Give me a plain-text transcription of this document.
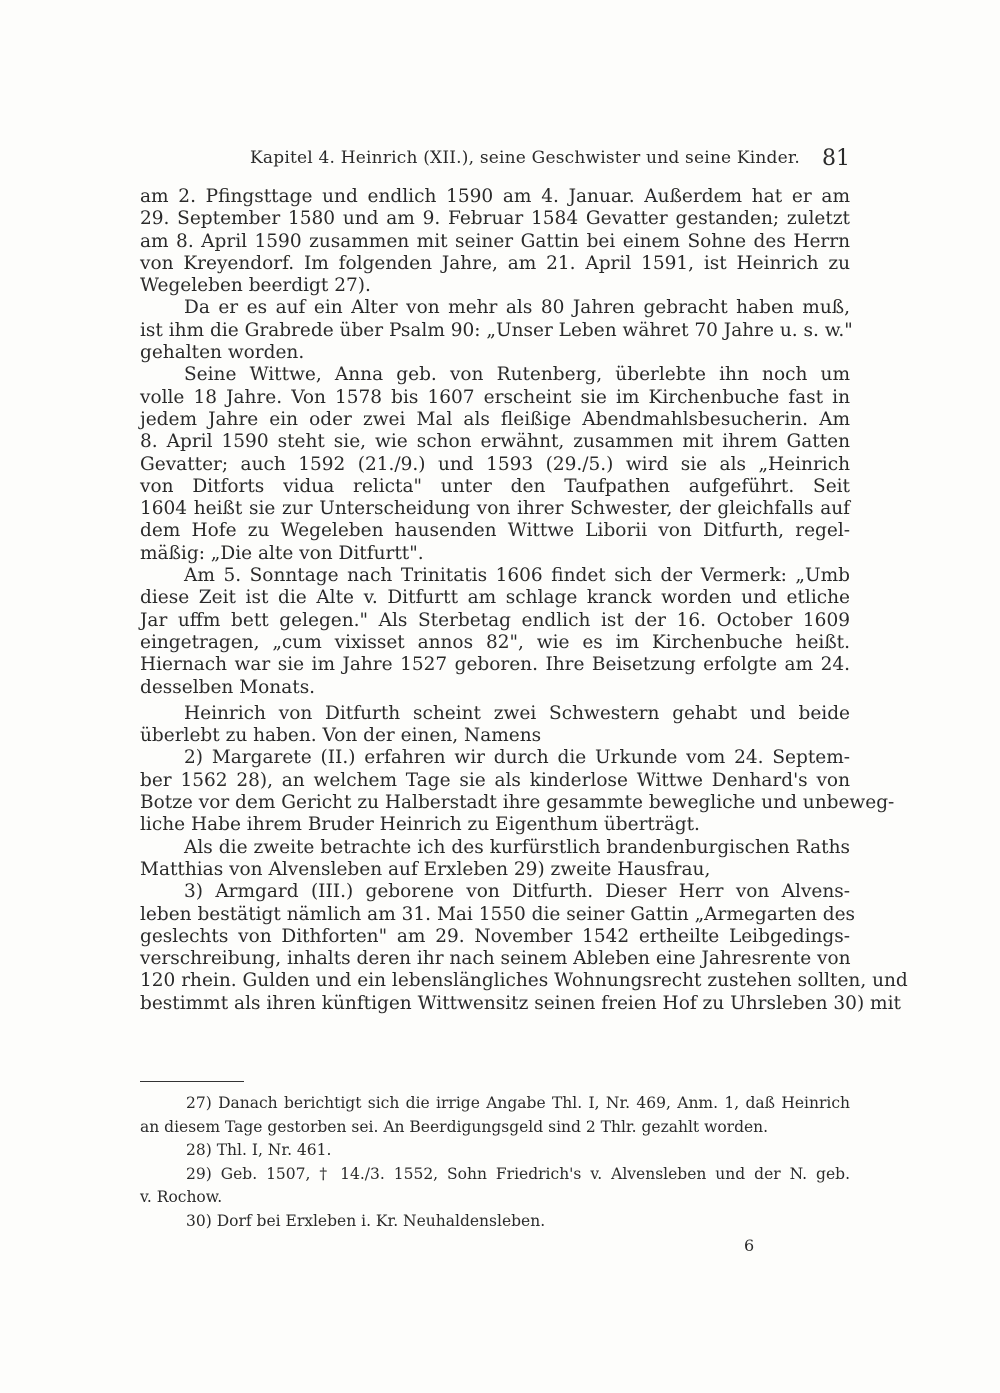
Kapitel 4. Heinrich (XII.), seine Geschwister und seine Kinder. 81
am 2. Pfingsttage und endlich 1590 am 4. Januar. Außerdem hat er am
29. September 1580 und am 9. Februar 1584 Gevatter gestanden; zuletzt
am 8. April 1590 zusammen mit seiner Gattin bei einem Sohne des Herrn
von Kreyendorf. Im folgenden Jahre, am 21. April 1591, ist Heinrich zu
Wegeleben beerdigt 27).
Da er es auf ein Alter von mehr als 80 Jahren gebracht haben muß,
ist ihm die Grabrede über Psalm 90: „Unser Leben währet 70 Jahre u. s. w."
gehalten worden.
Seine Wittwe, Anna geb. von Rutenberg, überlebte ihn noch um
volle 18 Jahre. Von 1578 bis 1607 erscheint sie im Kirchenbuche fast in
jedem Jahre ein oder zwei Mal als fleißige Abendmahlsbesucherin. Am
8. April 1590 steht sie, wie schon erwähnt, zusammen mit ihrem Gatten
Gevatter; auch 1592 (21./9.) und 1593 (29./5.) wird sie als „Heinrich
von Ditforts vidua relicta" unter den Taufpathen aufgeführt. Seit
1604 heißt sie zur Unterscheidung von ihrer Schwester, der gleichfalls auf
dem Hofe zu Wegeleben hausenden Wittwe Liborii von Ditfurth, regel-
mäßig: „Die alte von Ditfurtt".
Am 5. Sonntage nach Trinitatis 1606 findet sich der Vermerk: „Umb
diese Zeit ist die Alte v. Ditfurtt am schlage kranck worden und etliche
Jar uffm bett gelegen." Als Sterbetag endlich ist der 16. October 1609
eingetragen, „cum vixisset annos 82", wie es im Kirchenbuche heißt.
Hiernach war sie im Jahre 1527 geboren. Ihre Beisetzung erfolgte am 24.
desselben Monats.
Heinrich von Ditfurth scheint zwei Schwestern gehabt und beide
überlebt zu haben. Von der einen, Namens
2) Margarete (II.) erfahren wir durch die Urkunde vom 24. Septem-
ber 1562 28), an welchem Tage sie als kinderlose Wittwe Denhard's von
Botze vor dem Gericht zu Halberstadt ihre gesammte bewegliche und unbeweg-
liche Habe ihrem Bruder Heinrich zu Eigenthum überträgt.
Als die zweite betrachte ich des kurfürstlich brandenburgischen Raths
Matthias von Alvensleben auf Erxleben 29) zweite Hausfrau,
3) Armgard (III.) geborene von Ditfurth. Dieser Herr von Alvens-
leben bestätigt nämlich am 31. Mai 1550 die seiner Gattin „Armegarten des
geslechts von Dithforten" am 29. November 1542 ertheilte Leibgedings-
verschreibung, inhalts deren ihr nach seinem Ableben eine Jahresrente von
120 rhein. Gulden und ein lebenslängliches Wohnungsrecht zustehen sollten, und
bestimmt als ihren künftigen Wittwensitz seinen freien Hof zu Uhrsleben 30) mit
27) Danach berichtigt sich die irrige Angabe Thl. I, Nr. 469, Anm. 1, daß Heinrich
an diesem Tage gestorben sei. An Beerdigungsgeld sind 2 Thlr. gezahlt worden.
28) Thl. I, Nr. 461.
29) Geb. 1507, † 14./3. 1552, Sohn Friedrich's v. Alvensleben und der N. geb.
v. Rochow.
30) Dorf bei Erxleben i. Kr. Neuhaldensleben.
6
